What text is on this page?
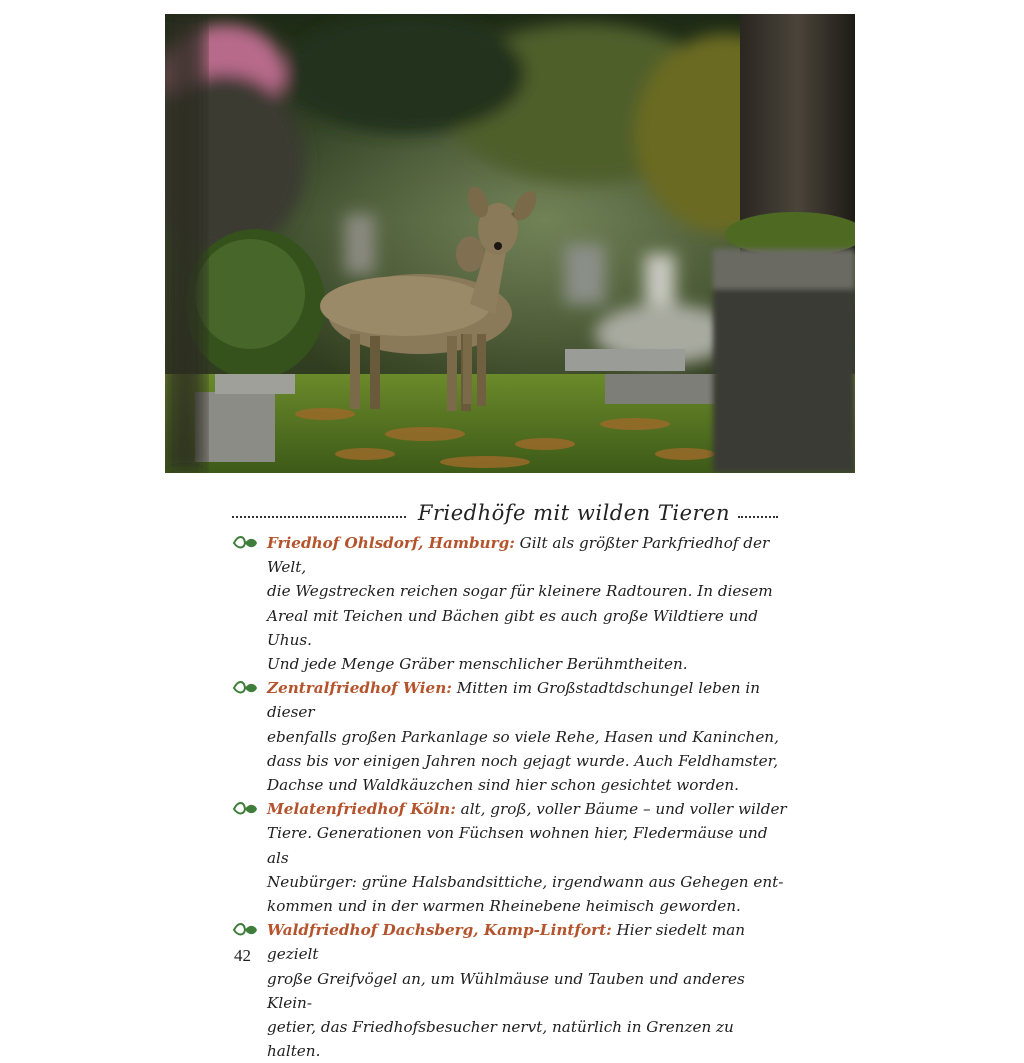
Friedhöfe mit wilden Tieren

Friedhof Ohlsdorf, Hamburg: Gilt als größter Parkfriedhof der Welt,
die Wegstrecken reichen sogar für kleinere Radtouren. In diesem
Areal mit Teichen und Bächen gibt es auch große Wildtiere und Uhus.
Und jede Menge Gräber menschlicher Berühmtheiten.

Zentralfriedhof Wien: Mitten im Großstadtdschungel leben in dieser
ebenfalls großen Parkanlage so viele Rehe, Hasen und Kaninchen,
dass bis vor einigen Jahren noch gejagt wurde. Auch Feldhamster,
Dachse und Waldkäuzchen sind hier schon gesichtet worden.

Melatenfriedhof Köln: alt, groß, voller Bäume – und voller wilder
Tiere. Generationen von Füchsen wohnen hier, Fledermäuse und als
Neubürger: grüne Halsbandsittiche, irgendwann aus Gehegen ent-
kommen und in der warmen Rheinebene heimisch geworden.

Waldfriedhof Dachsberg, Kamp-Lintfort: Hier siedelt man gezielt
große Greifvögel an, um Wühlmäuse und Tauben und anderes Klein-
getier, das Friedhofsbesucher nervt, natürlich in Grenzen zu halten.

42
